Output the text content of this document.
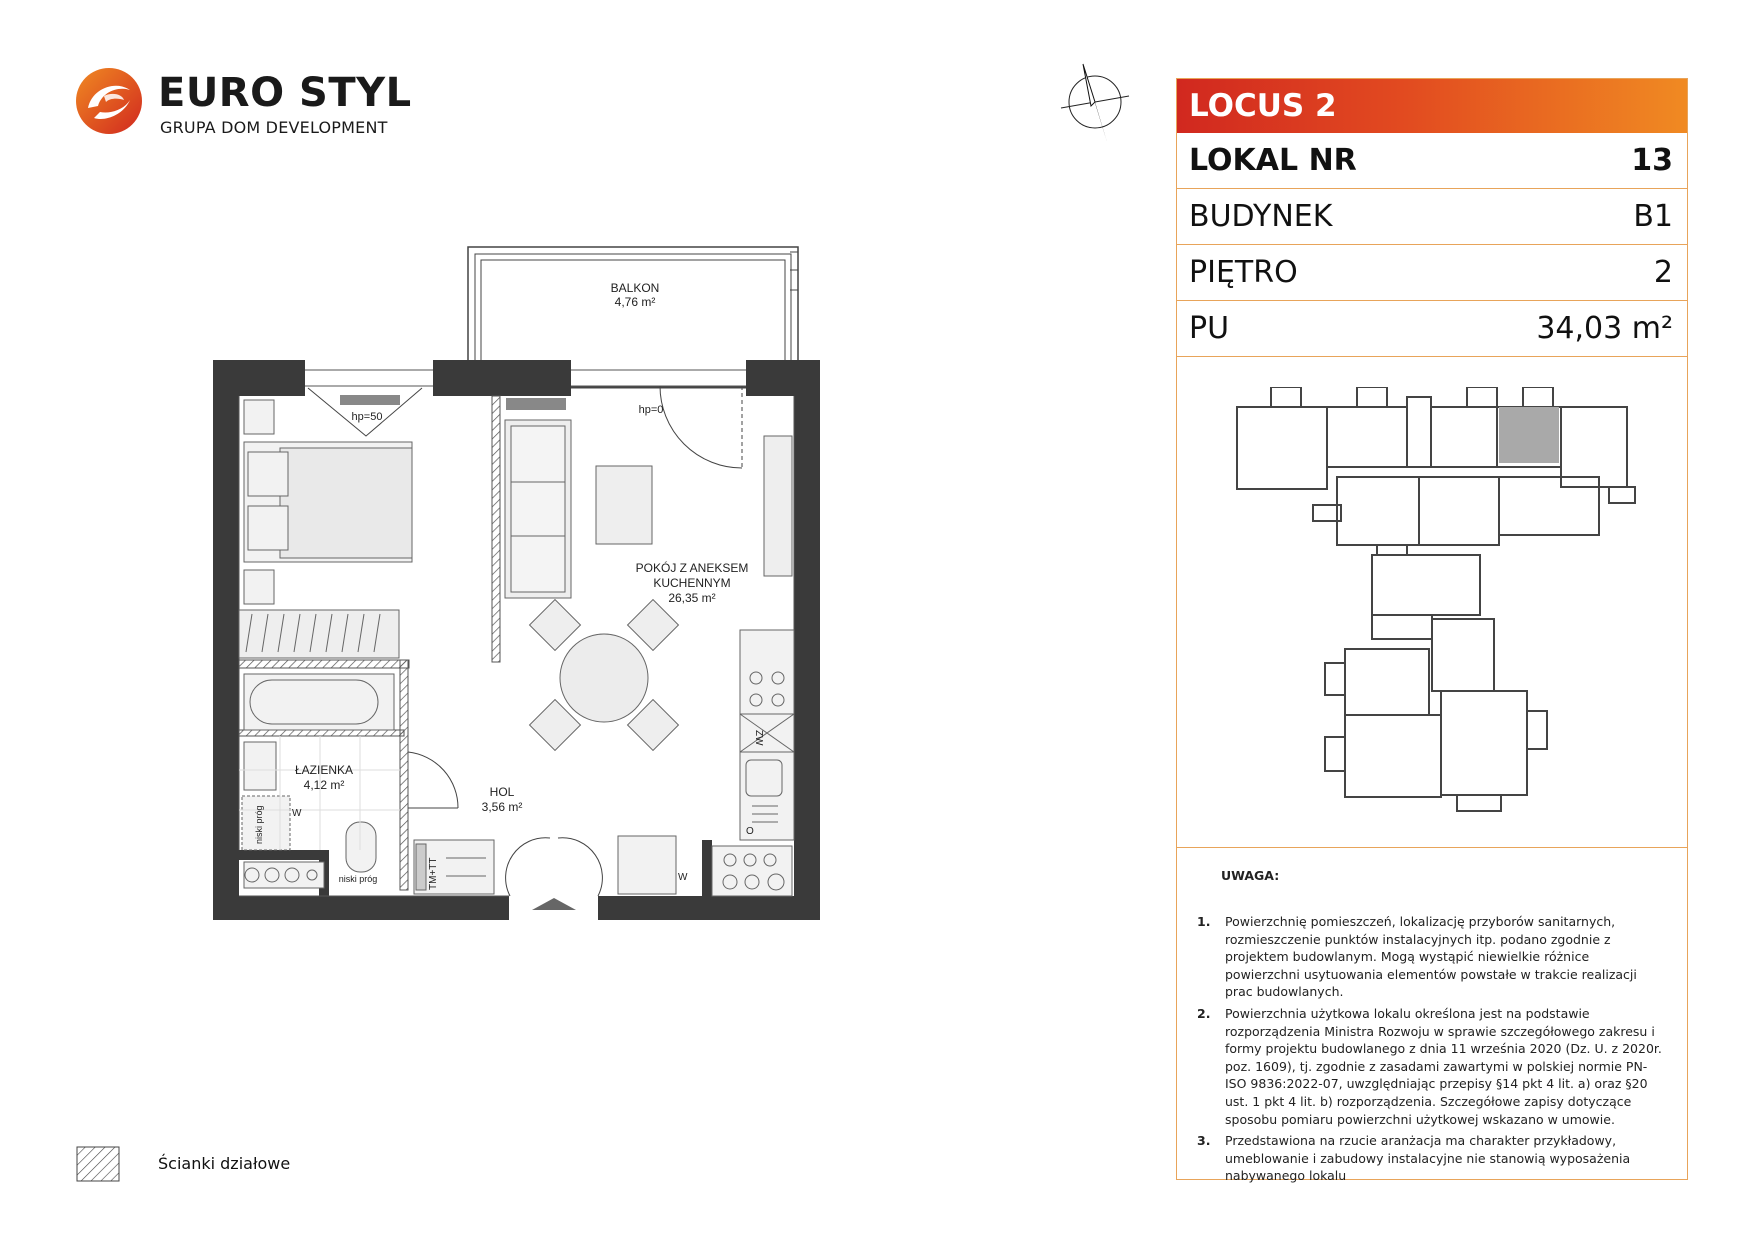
EURO STYL
GRUPA DOM DEVELOPMENT
BALKON
4,76 m²
POKÓJ Z ANEKSEM
KUCHENNYM
26,35 m²
ŁAZIENKA
4,12 m²	HOL
3,56 m²
hp=50
hp=0
ZW
TM+TT
niski próg
niski próg
W
W
O
LOCUS 2
LOKAL NR	13
BUDYNEK	B1
PIĘTRO	2
PU	34,03 m²
UWAGA:
1.	Powierzchnię pomieszczeń, lokalizację przyborów sanitarnych, rozmieszczenie punktów instalacyjnych itp. podano zgodnie z projektem budowlanym. Mogą wystąpić niewielkie różnice powierzchni usytuowania elementów powstałe w trakcie realizacji prac budowlanych.
2.	Powierzchnia użytkowa lokalu określona jest na podstawie rozporządzenia Ministra Rozwoju w sprawie szczegółowego zakresu i formy projektu budowlanego z dnia 11 września 2020 (Dz. U. z 2020r. poz. 1609), tj. zgodnie z zasadami zawartymi w polskiej normie PN-ISO 9836:2022-07, uwzględniając przepisy §14 pkt 4 lit. a) oraz §20 ust. 1 pkt 4 lit. b) rozporządzenia. Szczegółowe zapisy dotyczące sposobu pomiaru powierzchni użytkowej wskazano w umowie.
3.	Przedstawiona na rzucie aranżacja ma charakter przykładowy, umeblowanie i zabudowy instalacyjne nie stanowią wyposażenia nabywanego lokalu
Ścianki działowe
